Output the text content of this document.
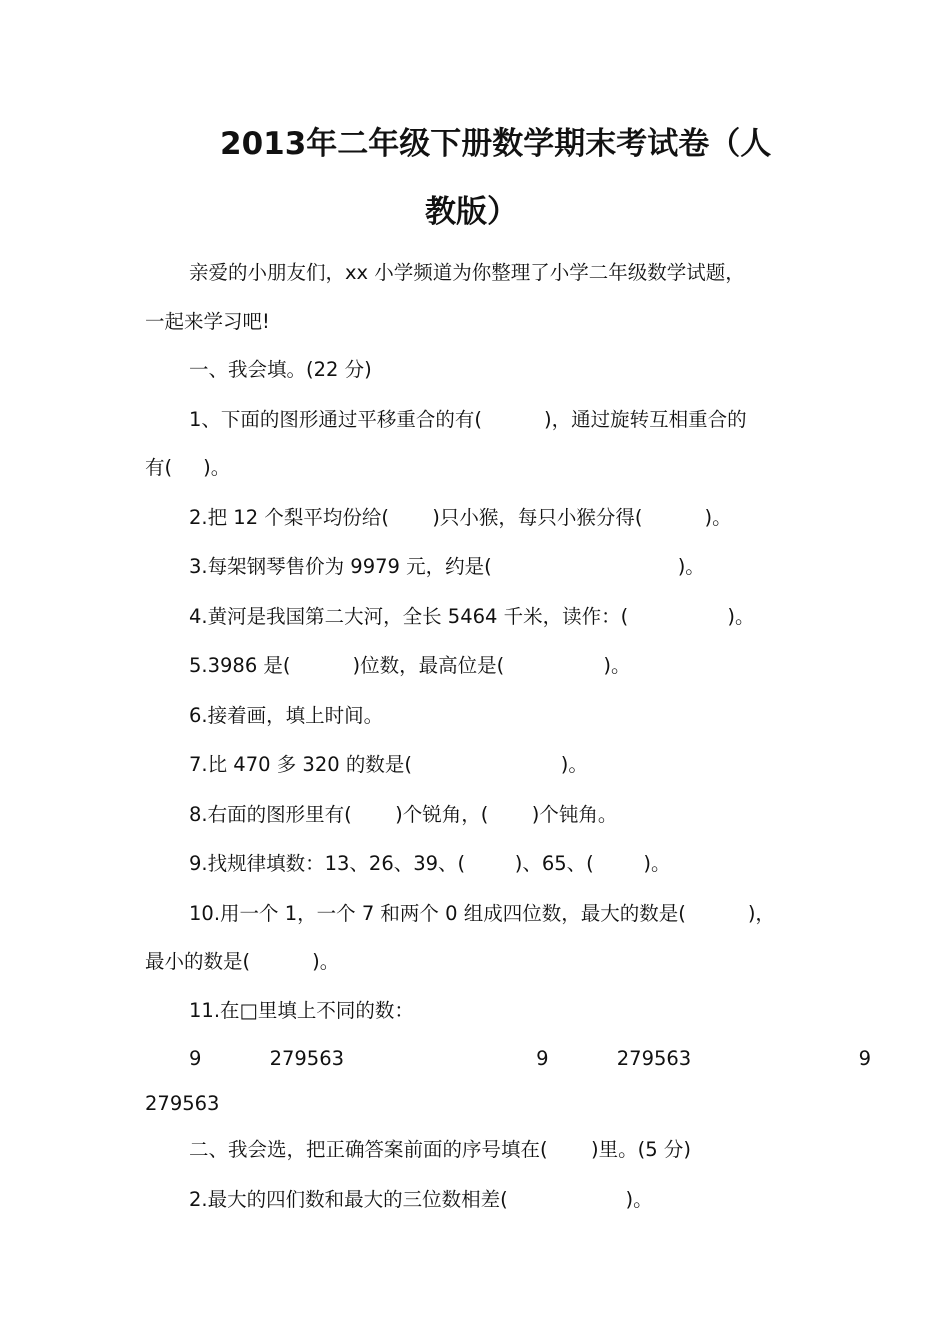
2013年二年级下册数学期末考试卷（人
教版）

亲爱的小朋友们，xx 小学频道为你整理了小学二年级数学试题，

一起来学习吧!

一、我会填。(22 分)

1、下面的图形通过平移重合的有(          )，通过旋转互相重合的

有(     )。

2.把 12 个梨平均份给(       )只小猴，每只小猴分得(          )。

3.每架钢琴售价为 9979 元，约是(                              )。

4.黄河是我国第二大河，全长 5464 千米，读作：(                )。

5.3986 是(          )位数，最高位是(                )。

6.接着画，填上时间。

7.比 470 多 320 的数是(                        )。

8.右面的图形里有(       )个锐角，(       )个钝角。

9.找规律填数：13、26、39、(        )、65、(        )。

10.用一个 1，一个 7 和两个 0 组成四位数，最大的数是(          )，

最小的数是(          )。

11.在□里填上不同的数：

9           279563                               9           279563                           9

279563

二、我会选，把正确答案前面的序号填在(       )里。(5 分)

2.最大的四们数和最大的三位数相差(                   )。
